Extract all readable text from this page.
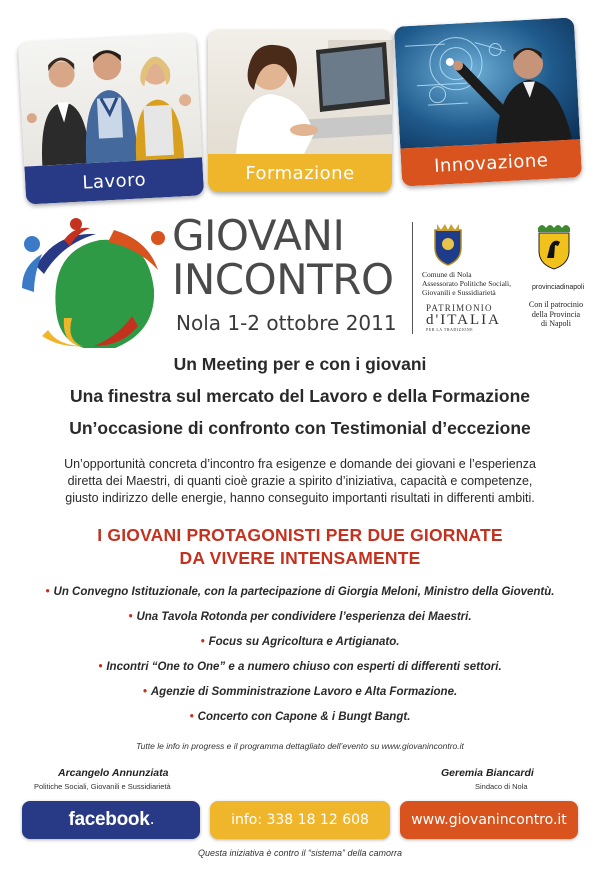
Lavoro	Formazione	Innovazione
GIOVANI
INCONTRO
Nola 1-2 ottobre 2011
Comune di Nola
Assessorato Politiche Sociali,
Giovanili e Sussidiarietà
PATRIMONIO
d'ITALIA
PER LA TRADIZIONE
provinciadinapoli
Con il patrocinio
della Provincia
di Napoli
Un Meeting per e con i giovani
Una finestra sul mercato del Lavoro e della Formazione
Un’occasione di confronto con Testimonial d’eccezione
Un’opportunità concreta d’incontro fra esigenze e domande dei giovani e l’esperienza
diretta dei Maestri, di quanti cioè grazie a spirito d’iniziativa, capacità e competenze,
giusto indirizzo delle energie, hanno conseguito importanti risultati in differenti ambiti.
I GIOVANI PROTAGONISTI PER DUE GIORNATE
DA VIVERE INTENSAMENTE
• Un Convegno Istituzionale, con la partecipazione di Giorgia Meloni, Ministro della Gioventù.
• Una Tavola Rotonda per condividere l’esperienza dei Maestri.
• Focus su Agricoltura e Artigianato.
• Incontri “One to One” e a numero chiuso con esperti di differenti settori.
• Agenzie di Somministrazione Lavoro e Alta Formazione.
• Concerto con Capone & i Bungt Bangt.
Tutte le info in progress e il programma dettagliato dell’evento su www.giovanincontro.it
Arcangelo Annunziata
Politiche Sociali, Giovanili e Sussidiarietà
Geremia Biancardi
Sindaco di Nola
facebook .	info: 338 18 12 608	www.giovanincontro.it
Questa iniziativa è contro il “sistema” della camorra
